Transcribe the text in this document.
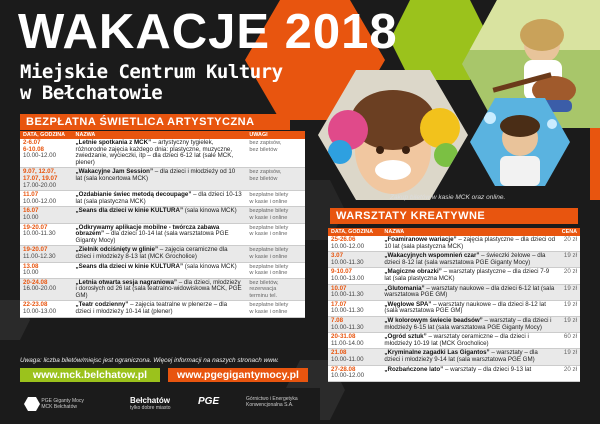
WAKACJE 2018
Miejskie Centrum Kultury
w Bełchatowie
BEZPŁATNA ŚWIETLICA ARTYSTYCZNA
DATA, GODZINA	NAZWA	UWAGI
2-6.07
6-10.08
10.00-12.00	„Letnie spotkania z MCK” – artystyczny tygielek, różnorodne zajęcia każdego dnia: plastyczne, muzyczne, zwiedzanie, wycieczki, itp – dla dzieci 6-12 lat (sale MCK, plener)	bez zapisów,
bez biletów
9.07, 12.07,
17.07, 19.07
17.00-20.00	„Wakacyjne Jam Session” – dla dzieci i młodzieży od 10 lat (sala koncertowa MCK)	bez zapisów,
bez biletów
11.07
10.00-12.00	„Ozdabianie świec metodą decoupage” – dla dzieci 10-13 lat (sala plastyczna MCK)	bezpłatne bilety
w kasie i online
16.07
10.00	„Seans dla dzieci w kinie KULTURA” (sala kinowa MCK)	bezpłatne bilety
w kasie i online
19-20.07
10.00-11.30	„Odkrywamy aplikacje mobilne - twórcza zabawa obrazem” – dla dzieci 10-14 lat (sala warsztatowa PGE Giganty Mocy)	bezpłatne bilety
w kasie i online
19-20.07
11.00-12.30	„Zielnik odciśnięty w glinie” – zajęcia ceramiczne dla dzieci i młodzieży 8-13 lat (MCK Grocholice)	bezpłatne bilety
w kasie i online
13.08
10.00	„Seans dla dzieci w kinie KULTURA” (sala kinowa MCK)	bezpłatne bilety
w kasie i online
20-24.08
16.00-20.00	„Letnia otwarta sesja nagraniowa” – dla dzieci, młodzieży i dorosłych od 26 lat (sala teatralno-widowiskowa MCK, PGE GM)	bez biletów,
rezerwacja
terminu tel.
22-23.08
10.00-13.00	„Teatr codzienny” – zajęcia teatralne w plenerze – dla dzieci i młodzieży 10-14 lat (plener)	bezpłatne bilety
w kasie i online
Zakup biletów w kasie MCK oraz online.
WARSZTATY KREATYWNE
DATA, GODZINA	NAZWA	CENA
25-26.06
10.00-12.00	„Foamiranowe wariacje” – zajęcia plastyczne – dla dzieci od 10 lat (sala plastyczna MCK)	20 zł
3.07
10.00-11.30	„Wakacyjnych wspomnień czar” – świeczki żelowe – dla dzieci 8-12 lat (sala warsztatowa PGE Giganty Mocy)	19 zł
9-10.07
10.00-13.00	„Magiczne obrazki” – warsztaty plastyczne – dla dzieci 7-9 lat (sala plastyczna MCK)	20 zł
10.07
10.00-11.30	„Glutomania” – warsztaty naukowe – dla dzieci 6-12 lat (sala warsztatowa PGE GM)	19 zł
17.07
10.00-11.30	„Węglowe SPA” – warsztaty naukowe – dla dzieci 8-12 lat (sala warsztatowa PGE GM)	19 zł
7.08
10.00-11.30	„W kolorowym świecie beadsów” – warsztaty – dla dzieci i młodzieży 6-15 lat (sala warsztatowa PGE Giganty Mocy)	19 zł
20-31.08
11.00-14.00	„Ogród sztuk” – warsztaty ceramiczne – dla dzieci i młodzieży 10-19 lat (MCK Grocholice)	60 zł
21.08
10.00-11.00	„Kryminalne zagadki Las Gigantos” – warsztaty – dla dzieci i młodzieży 9-14 lat (sala warsztatowa PGE GM)	19 zł
27-28.08
10.00-12.00	„Rozbańczone lato” – warsztaty – dla dzieci 9-13 lat	20 zł
Uwaga: liczba biletów/miejsc jest ograniczona. Więcej informacji na naszych stronach www.
www.mck.belchatow.pl	www.pgegigantymocy.pl
PGE Giganty Mocy
MCK Bełchatów
Bełchatów
tylko dobre miasto
PGE	Górnictwo i Energetyka
Konwencjonalna S.A.
